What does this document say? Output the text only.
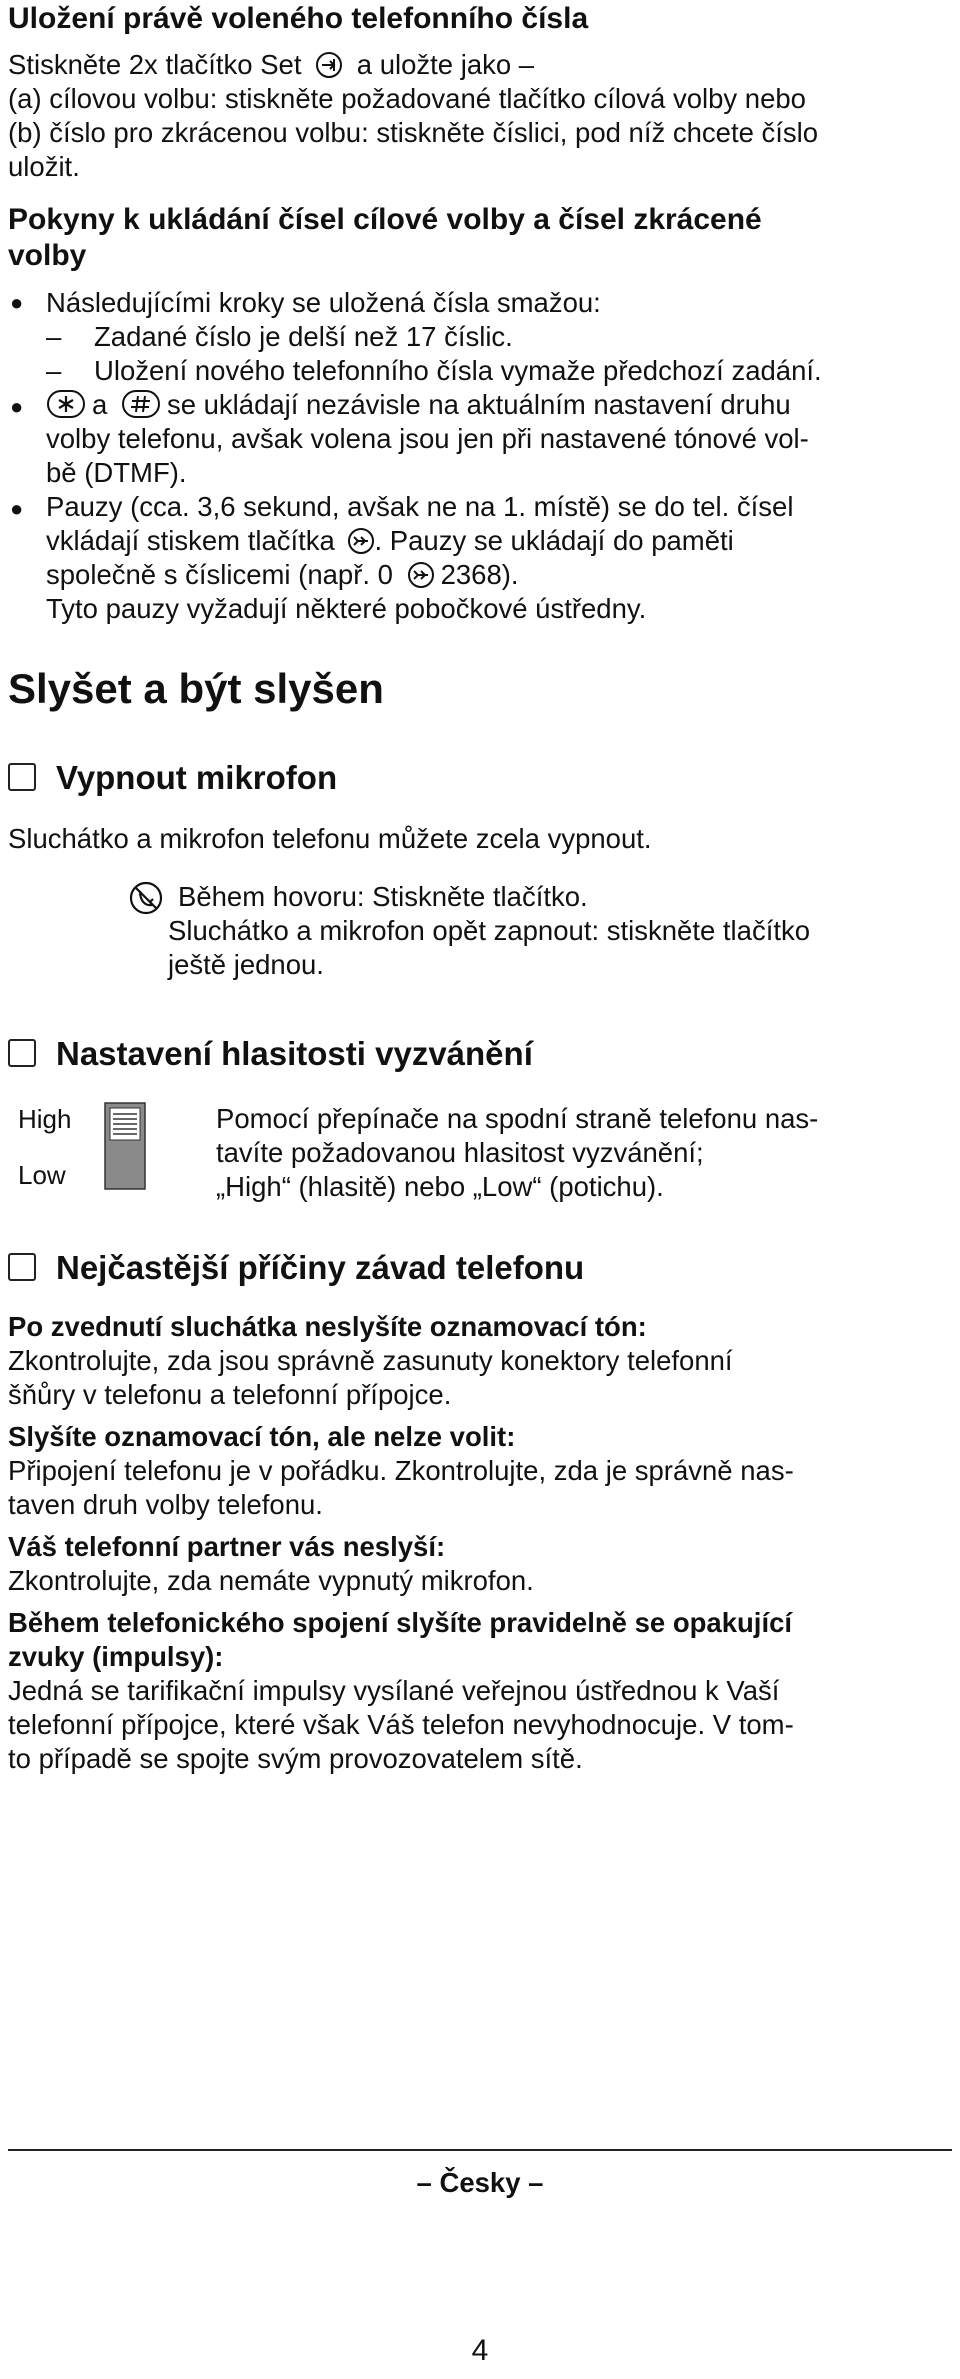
Uložení právě voleného telefonního čísla
Stiskněte 2x tlačítko Set a uložte jako –
(a) cílovou volbu: stiskněte požadované tlačítko cílová volby nebo
(b) číslo pro zkrácenou volbu: stiskněte číslici, pod níž chcete číslo
uložit.
Pokyny k ukládání čísel cílové volby a čísel zkrácené
volby
● Následujícími kroky se uložená čísla smažou:
– Zadané číslo je delší než 17 číslic.
– Uložení nového telefonního čísla vymaže předchozí zadání.
●	a se ukládají nezávisle na aktuálním nastavení druhu
volby telefonu, avšak volena jsou jen při nastavené tónové vol-
bě (DTMF).
● Pauzy (cca. 3,6 sekund, avšak ne na 1. místě) se do tel. čísel
vkládají stiskem tlačítka . Pauzy se ukládají do paměti
společně s číslicemi (např. 0 2368).
Tyto pauzy vyžadují některé pobočkové ústředny.
Slyšet a být slyšen
Vypnout mikrofon
Sluchátko a mikrofon telefonu můžete zcela vypnout.
Během hovoru: Stiskněte tlačítko.
Sluchátko a mikrofon opět zapnout: stiskněte tlačítko
ještě jednou.
Nastavení hlasitosti vyzvánění
High
Low
Pomocí přepínače na spodní straně telefonu nas-
tavíte požadovanou hlasitost vyzvánění;
„High“ (hlasitě) nebo „Low“ (potichu).
Nejčastější příčiny závad telefonu
Po zvednutí sluchátka neslyšíte oznamovací tón:
Zkontrolujte, zda jsou správně zasunuty konektory telefonní
šňůry v telefonu a telefonní přípojce.
Slyšíte oznamovací tón, ale nelze volit:
Připojení telefonu je v pořádku. Zkontrolujte, zda je správně nas-
taven druh volby telefonu.
Váš telefonní partner vás neslyší:
Zkontrolujte, zda nemáte vypnutý mikrofon.
Během telefonického spojení slyšíte pravidelně se opakující
zvuky (impulsy):
Jedná se tarifikační impulsy vysílané veřejnou ústřednou k Vaší
telefonní přípojce, které však Váš telefon nevyhodnocuje. V tom-
to případě se spojte svým provozovatelem sítě.
– Česky –
4
